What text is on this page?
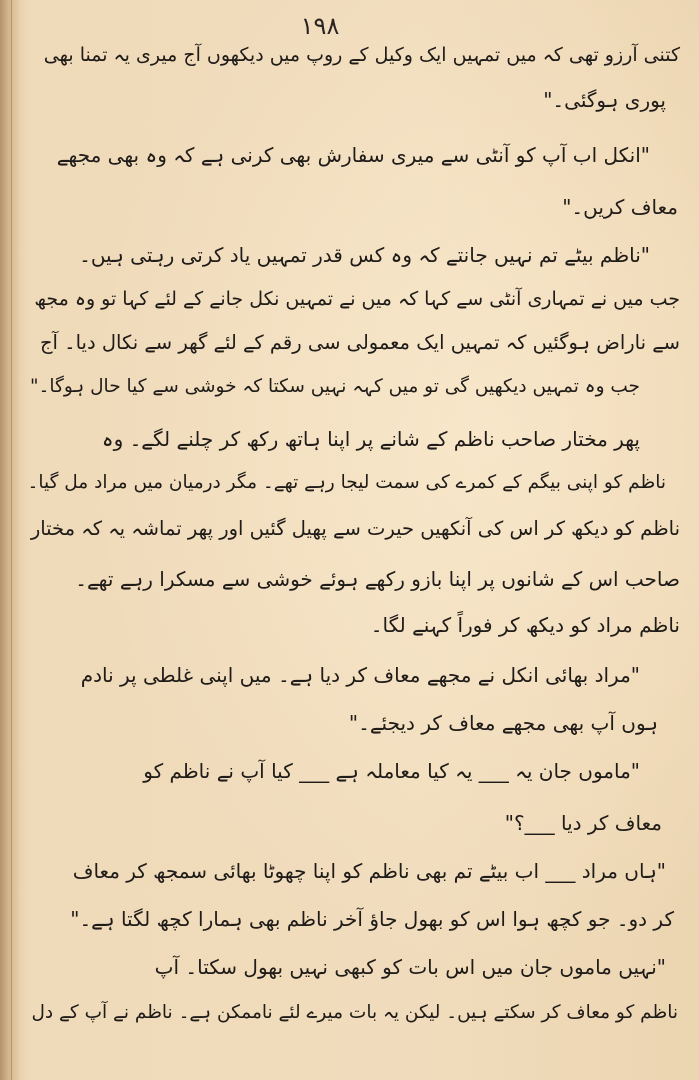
۱۹۸
کتنی آرزو تھی کہ میں تمہیں ایک وکیل کے روپ میں دیکھوں آج میری یہ تمنا بھی
پوری ہوگئی۔"
"انکل اب آپ کو آنٹی سے میری سفارش بھی کرنی ہے کہ وہ بھی مجھے
معاف کریں۔"
"ناظم بیٹے تم نہیں جانتے کہ وہ کس قدر تمہیں یاد کرتی رہتی ہیں۔
جب میں نے تمہاری آنٹی سے کہا کہ میں نے تمہیں نکل جانے کے لئے کہا تو وہ مجھ
سے ناراض ہوگئیں کہ تمہیں ایک معمولی سی رقم کے لئے گھر سے نکال دیا۔ آج
جب وہ تمہیں دیکھیں گی تو میں کہہ نہیں سکتا کہ خوشی سے کیا حال ہوگا۔"
پھر مختار صاحب ناظم کے شانے پر اپنا ہاتھ رکھ کر چلنے لگے۔ وہ
ناظم کو اپنی بیگم کے کمرے کی سمت لیجا رہے تھے۔ مگر درمیان میں مراد مل گیا۔
ناظم کو دیکھ کر اس کی آنکھیں حیرت سے پھیل گئیں اور پھر تماشہ یہ کہ مختار
صاحب اس کے شانوں پر اپنا بازو رکھے ہوئے خوشی سے مسکرا رہے تھے۔
ناظم مراد کو دیکھ کر فوراً کہنے لگا۔
"مراد بھائی انکل نے مجھے معاف کر دیا ہے۔ میں اپنی غلطی پر نادم
ہوں آپ بھی مجھے معاف کر دیجئے۔"
"ماموں جان یہ ___ یہ کیا معاملہ ہے ___ کیا آپ نے ناظم کو
معاف کر دیا ___؟"
"ہاں مراد ___ اب بیٹے تم بھی ناظم کو اپنا چھوٹا بھائی سمجھ کر معاف
کر دو۔ جو کچھ ہوا اس کو بھول جاؤ آخر ناظم بھی ہمارا کچھ لگتا ہے۔"
"نہیں ماموں جان میں اس بات کو کبھی نہیں بھول سکتا۔ آپ
ناظم کو معاف کر سکتے ہیں۔ لیکن یہ بات میرے لئے ناممکن ہے۔ ناظم نے آپ کے دل
